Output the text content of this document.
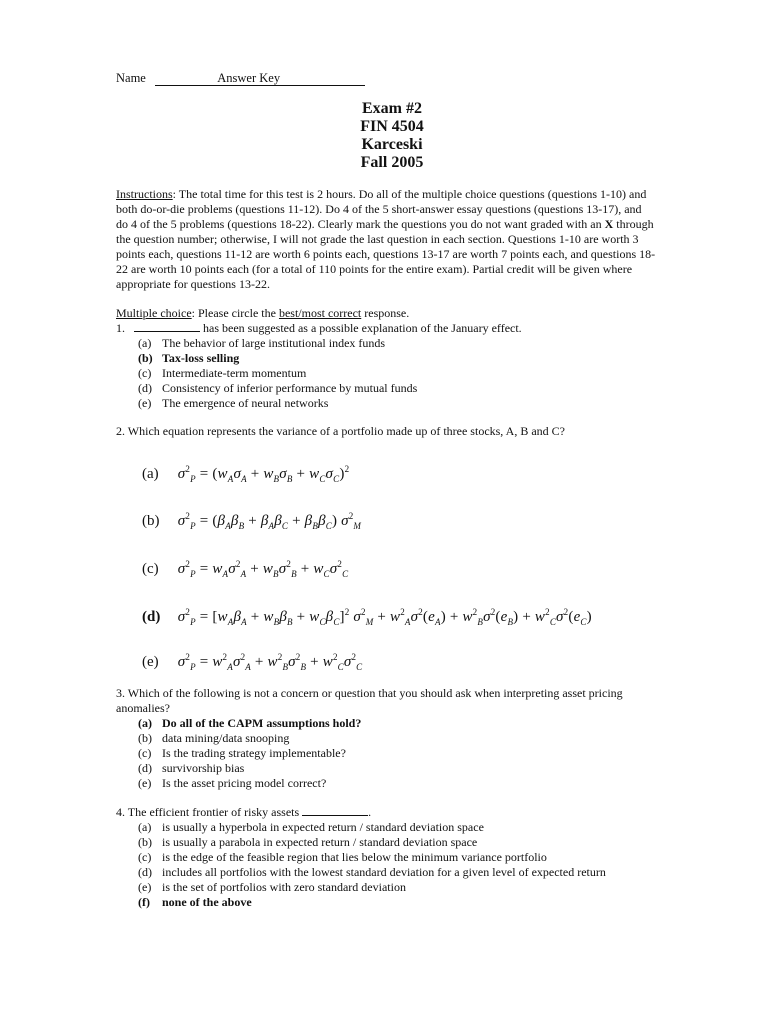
Name	Answer Key
Exam #2
FIN 4504
Karceski
Fall 2005
Instructions: The total time for this test is 2 hours. Do all of the multiple choice questions (questions 1-10) and both do-or-die problems (questions 11-12). Do 4 of the 5 short-answer essay questions (questions 13-17), and do 4 of the 5 problems (questions 18-22). Clearly mark the questions you do not want graded with an X through the question number; otherwise, I will not grade the last question in each section. Questions 1-10 are worth 3 points each, questions 11-12 are worth 6 points each, questions 13-17 are worth 7 points each, and questions 18-22 are worth 10 points each (for a total of 110 points for the entire exam). Partial credit will be given where appropriate for questions 13-22.
Multiple choice: Please circle the best/most correct response.
1.	has been suggested as a possible explanation of the January effect.
(a) The behavior of large institutional index funds
(b) Tax-loss selling
(c) Intermediate-term momentum
(d) Consistency of inferior performance by mutual funds
(e) The emergence of neural networks
2. Which equation represents the variance of a portfolio made up of three stocks, A, B and C?
(a) $\sigma^2_P = (w_A\sigma_A + w_B\sigma_B + w_C\sigma_C)^2$
(b) $\sigma^2_P = (\beta_A\beta_B + \beta_A\beta_C + \beta_B\beta_C)$ $\sigma^2_M$
(c) $\sigma^2_P = w_A\sigma^2_A + w_B\sigma^2_B + w_C\sigma^2_C$
(d) $\sigma^2_P = [w_A\beta_A + w_B\beta_B + w_C\beta_C]^2$ $\sigma^2_M + w^2_A\sigma^2(e_A) + w^2_B\sigma^2(e_B) + w^2_C\sigma^2(e_C)$
(e) $\sigma^2_P = w^2_A\sigma^2_A + w^2_B\sigma^2_B + w^2_C\sigma^2_C$
3. Which of the following is not a concern or question that you should ask when interpreting asset pricing anomalies?
(a) Do all of the CAPM assumptions hold?
(b) data mining/data snooping
(c) Is the trading strategy implementable?
(d) survivorship bias
(e) Is the asset pricing model correct?
4. The efficient frontier of risky assets	.
(a) is usually a hyperbola in expected return / standard deviation space
(b) is usually a parabola in expected return / standard deviation space
(c) is the edge of the feasible region that lies below the minimum variance portfolio
(d) includes all portfolios with the lowest standard deviation for a given level of expected return
(e) is the set of portfolios with zero standard deviation
(f) none of the above
